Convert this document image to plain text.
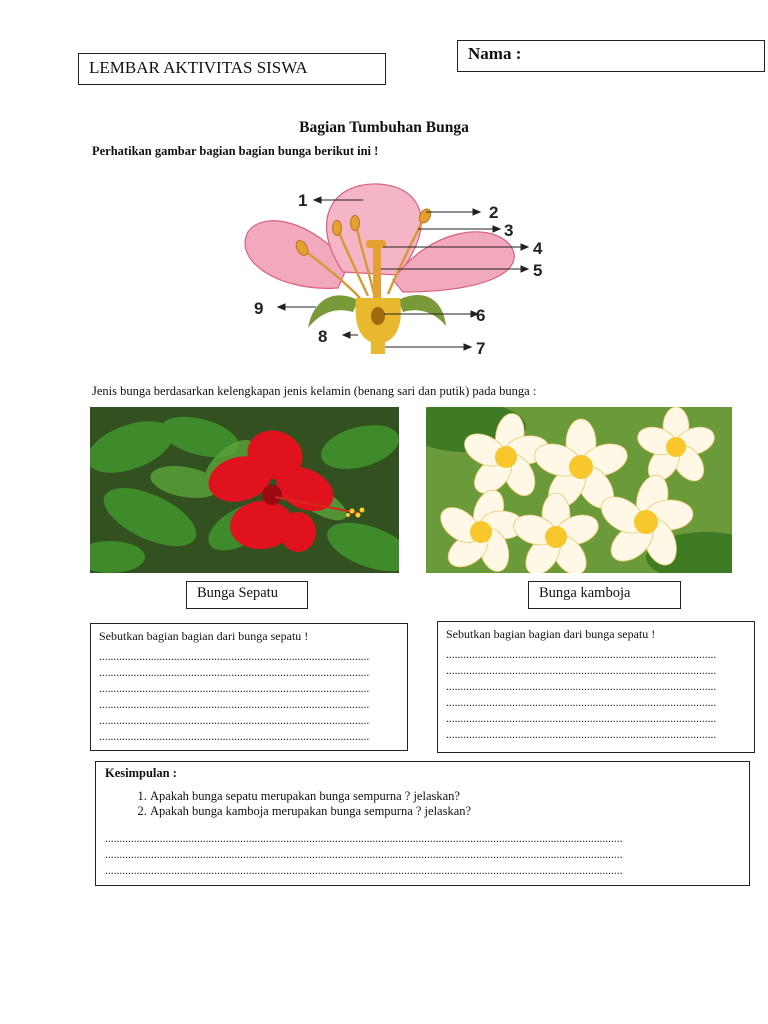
LEMBAR AKTIVITAS SISWA
Nama :
Bagian Tumbuhan Bunga
Perhatikan gambar bagian bagian bunga berikut ini !
1
2
3
4
5
6
7
8
9
Jenis bunga berdasarkan kelengkapan jenis kelamin (benang sari dan putik) pada bunga :
Bunga Sepatu	Bunga kamboja
Sebutkan bagian bagian dari bunga sepatu !
..............................................................................................
..............................................................................................
..............................................................................................
..............................................................................................
..............................................................................................
..............................................................................................
Sebutkan bagian bagian dari bunga sepatu !
..............................................................................................
..............................................................................................
..............................................................................................
..............................................................................................
..............................................................................................
..............................................................................................
Kesimpulan :
1. Apakah bunga sepatu merupakan bunga sempurna ? jelaskan?
2. Apakah bunga kamboja merupakan bunga sempurna ? jelaskan?
....................................................................................................................................................................................
....................................................................................................................................................................................
....................................................................................................................................................................................
